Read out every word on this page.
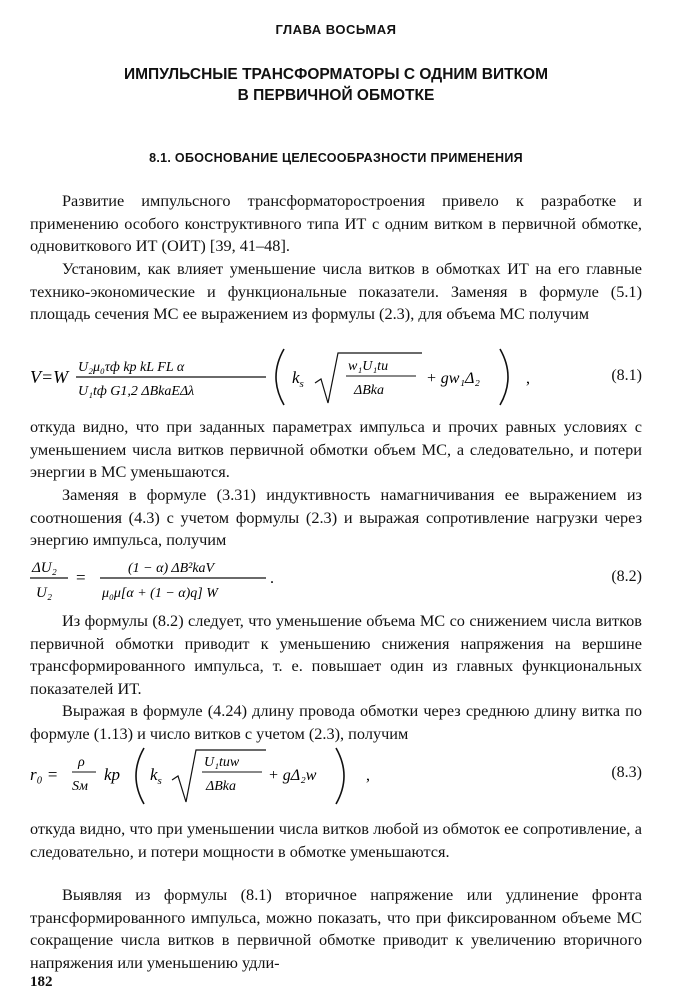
ГЛАВА ВОСЬМАЯ
ИМПУЛЬСНЫЕ ТРАНСФОРМАТОРЫ С ОДНИМ ВИТКОМ
В ПЕРВИЧНОЙ ОБМОТКЕ
8.1. ОБОСНОВАНИЕ ЦЕЛЕСООБРАЗНОСТИ ПРИМЕНЕНИЯ

Развитие импульсного трансформаторостроения привело к разработке и применению особого конструктивного типа ИТ с одним витком в первичной обмотке, одновиткового ИТ (ОИТ) [39, 41–48].

Установим, как влияет уменьшение числа витков в обмотках ИТ на его главные технико-экономические и функциональные показатели. Заменяя в формуле (5.1) площадь сечения МС ее выражением из формулы (2.3), для объема МС получим

V=W U₂μ₀τф kp kL FL α
U₁tф G1,2 ΔBkaEΔλ
$k_s$
w₁U₁tи
ΔBka
+ gw₁Δ₂	,	(8.1)

откуда видно, что при заданных параметрах импульса и прочих равных условиях с уменьшением числа витков первичной обмотки объем МС, а следовательно, и потери энергии в МС уменьшаются.

Заменяя в формуле (3.31) индуктивность намагничивания ее выражением из соотношения (4.3) с учетом формулы (2.3) и выражая сопротивление нагрузки через энергию импульса, получим

ΔU₂
U₂
=	(1 − α) ΔB²kaV
μ₀μ[α + (1 − α)q] W
.	(8.2)

Из формулы (8.2) следует, что уменьшение объема МС со снижением числа витков первичной обмотки приводит к уменьшению снижения напряжения на вершине трансформированного импульса, т. е. повышает один из главных функциональных показателей ИТ.

Выражая в формуле (4.24) длину провода обмотки через среднюю длину витка по формуле (1.13) и число витков с учетом (2.3), получим

r₀ =
ρ
Sм
kp $k_s$
U₁tиw
ΔBka
+ gΔ₂w	,	(8.3)

откуда видно, что при уменьшении числа витков любой из обмоток ее сопротивление, а следовательно, и потери мощности в обмотке уменьшаются.

Выявляя из формулы (8.1) вторичное напряжение или удлинение фронта трансформированного импульса, можно показать, что при фиксированном объеме МС сокращение числа витков в первичной обмотке приводит к увеличению вторичного напряжения или уменьшению удли-

182
